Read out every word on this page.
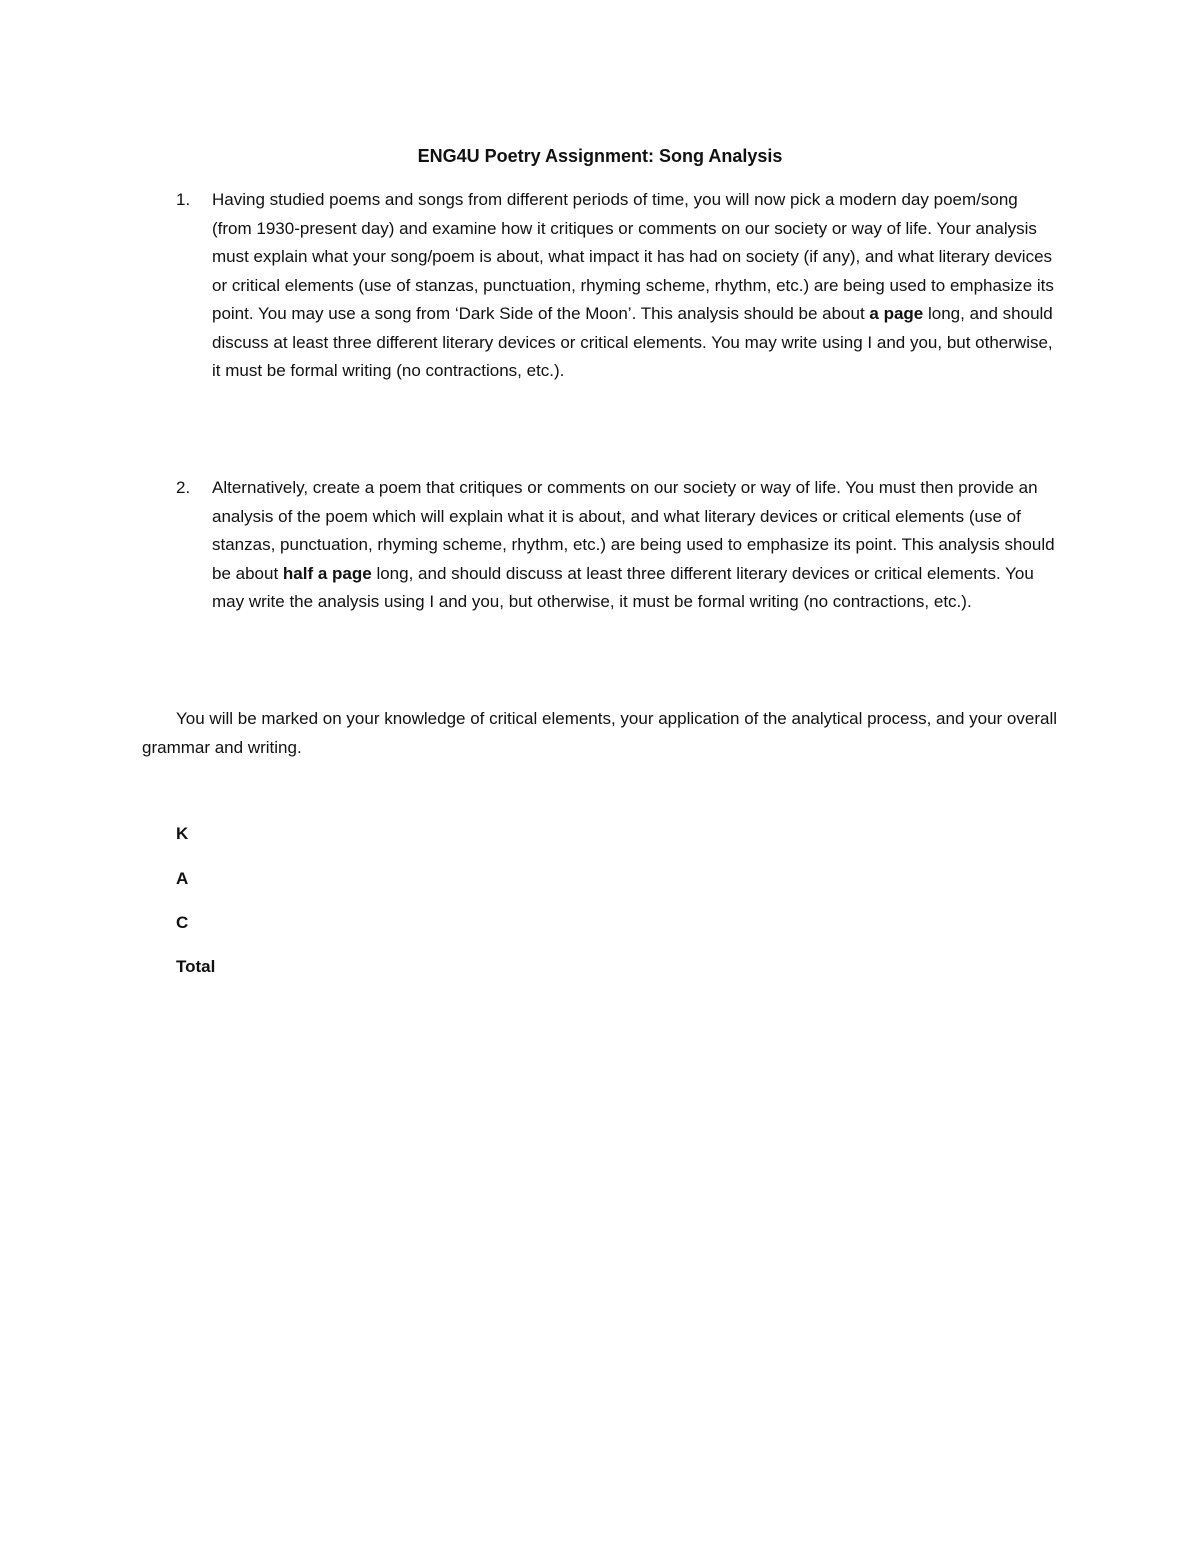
ENG4U Poetry Assignment: Song Analysis
1. Having studied poems and songs from different periods of time, you will now pick a modern day poem/song (from 1930-present day) and examine how it critiques or comments on our society or way of life. Your analysis must explain what your song/poem is about, what impact it has had on society (if any), and what literary devices or critical elements (use of stanzas, punctuation, rhyming scheme, rhythm, etc.) are being used to emphasize its point. You may use a song from ‘Dark Side of the Moon’. This analysis should be about a page long, and should discuss at least three different literary devices or critical elements. You may write using I and you, but otherwise, it must be formal writing (no contractions, etc.).
2. Alternatively, create a poem that critiques or comments on our society or way of life. You must then provide an analysis of the poem which will explain what it is about, and what literary devices or critical elements (use of stanzas, punctuation, rhyming scheme, rhythm, etc.) are being used to emphasize its point. This analysis should be about half a page long, and should discuss at least three different literary devices or critical elements. You may write the analysis using I and you, but otherwise, it must be formal writing (no contractions, etc.).
You will be marked on your knowledge of critical elements, your application of the analytical process, and your overall grammar and writing.
K
A
C
Total
